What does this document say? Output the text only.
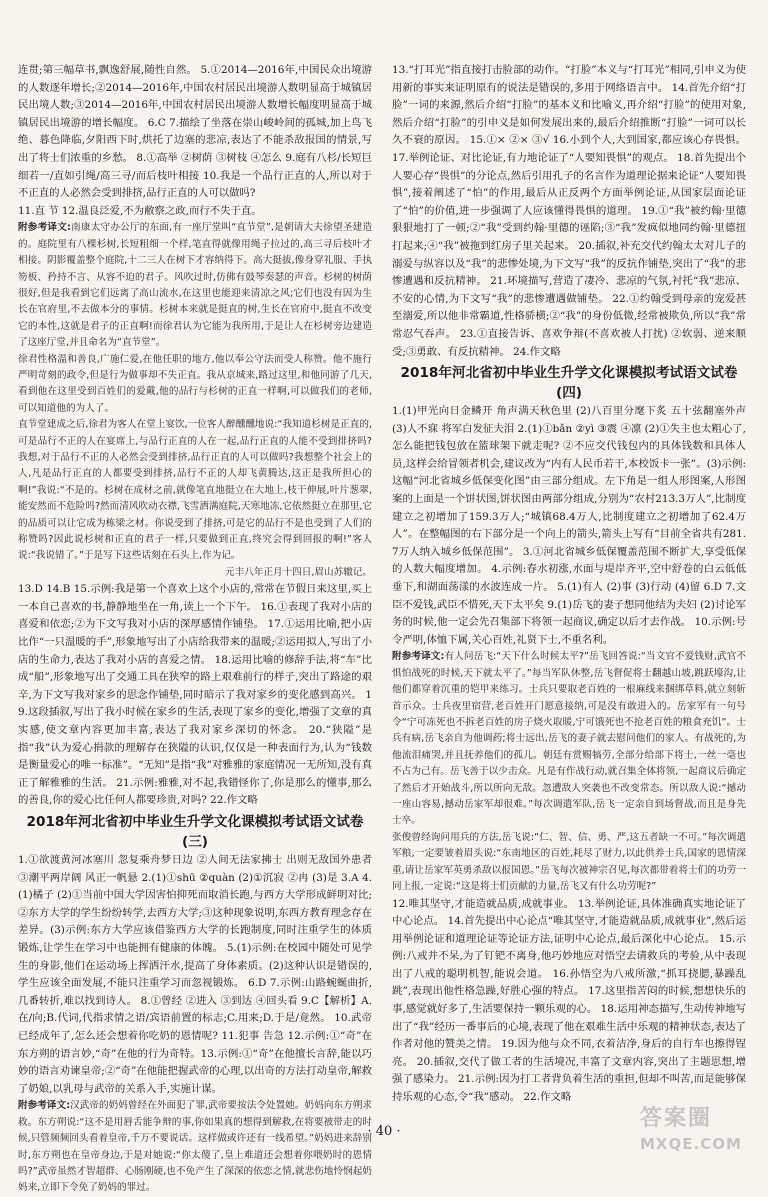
连贯;第三幅草书,飘逸舒展,随性自然。 5.①2014—2016年,中国民众出境游的人数逐年增长;②2014—2016年,中国农村居民出境游人数明显高于城镇居民出境人数;③2014—2016年,中国农村居民出境游人数增长幅度明显高于城镇居民出境游的增长幅度。 6.C 7.描绘了坐落在崇山峻岭间的孤城,加上鸟飞绝、暮色降临,夕阳西下时,烘托了边塞的悲凉,表达了不能杀敌报国的情景,写出了将士们浓重的乡愁。 8.①高举 ②树荫 ③树枝 ④怎么 9.庭有八杉/长短巨细若一/直如引绳/高三寻/而后枝叶相接 10.我是一个品行正直的人,所以对于不正直的人必然会受到排挤,品行正直的人可以做吗?

11.直 节 12.温良泛爱,不为敝察之政,而行不失于直。

附参考译文:南康太守办公厅的东面,有一座厅堂叫“直节堂”,是朝请大夫徐望圣建造的。庭院里有八棵杉树,长短粗细一个样,笔直得就像用绳子拉过的,高三寻后枝叶才相接。阴影覆盖整个庭院,十二三人在树下才容纳得下。高大挺拔,像身穿礼服、手执笏板、矜持不言、从容不迫的君子。风吹过时,仿佛有鼓琴奏瑟的声音。杉树的树荫很好,但是我看到它们远离了高山流水,在这里也能迎来清凉之风;它们也没有因为生长在官府里,不去做本分的事情。杉树本来就是挺直的树,生长在官府中,挺直不改变它的本性,这就是君子的正直啊!而徐君认为它能为我所用,于是让人在杉树旁边建造了这座厅堂,并且命名为“直节堂”。

徐君性格温和善良,广施仁爱,在他任职的地方,他以奉公守法而受人称赞。他不施行严明苛刻的政令,但是行为做事却不失正直。我从京城来,路过这里,和他同游了几天,看到他在这里受到百姓们的爱戴,他的品行与杉树的正直一样啊,可以做我们的老师,可以知道他的为人了。

直节堂建成之后,徐君为客人在堂上宴饮,一位客人醉醺醺地说:“我知道杉树是正直的,可是品行不正的人在宴席上,与品行正直的人在一起,品行正直的人能不受到排挤吗?我想,对于品行不正的人必然会受到排挤,品行正直的人可以做吗?我想整个社会上的人,凡是品行正直的人都要受到排挤,品行不正的人却飞黄腾达,这正是我所担心的啊!”我说:“不是的。杉树在成材之前,就像笔直地挺立在大地上,枝干伸展,叶片葱翠,能安然而不危险吗?然而清风吹动衣襟,飞雪洒满庭院,天寒地冻,它依然挺立在那里,它的品质可以让它成为栋梁之材。你说受到了排挤,可是它的品行不是也受到了人们的称赞吗?因此说杉树和正直的君子一样,只要做到正直,终究会得到回报的啊!”客人说:“我说错了。”于是写下这些话刻在石头上,作为记。

元丰八年正月十四日,眉山苏辙记。

13.D 14.B 15.示例:我是第一个喜欢上这个小店的,常常在节假日来这里,买上一本自己喜欢的书,静静地坐在一角,读上一个下午。 16.①表现了我对小店的喜爱和依恋;②为下文写我对小店的深厚感情作铺垫。 17.①运用比喻,把小店比作“一只温暖的手”,形象地写出了小店给我带来的温暖;②运用拟人,写出了小店的生命力,表达了我对小店的喜爱之情。 18.运用比喻的修辞手法,将“车”比成“船”,形象地写出了交通工具在狭窄的路上艰难前行的样子,突出了路途的艰辛,为下文写我对家乡的思念作铺垫,同时暗示了我对家乡的变化感到高兴。 19.这段插叙,写出了我小时候在家乡的生活,表现了家乡的变化,增强了文章的真实感,使文章内容更加丰富,表达了我对家乡深切的怀念。 20.“狭隘”是指“我”认为爱心捐款的理解存在狭隘的认识,仅仅是一种表面行为,认为“钱数是衡量爱心的唯一标准”。“无知”是指“我”对雅雅的家庭情况一无所知,没有真正了解雅雅的生活。 21.示例:雅雅,对不起,我错怪你了,你是那么的懂事,那么的善良,你的爱心比任何人都要珍贵,对吗? 22.作文略

2018年河北省初中毕业生升学文化课模拟考试语文试卷(三)

1.①欲渡黄河冰塞川 忽复乘舟梦日边 ②人间无法家拂士 出则无敌国外患者 ③潮平两岸阔 风正一帆悬 2.(1)①shū ②quàn (2)①沉寂 ②冉 (3)是 3.A 4.(1)橘子 (2)①当前中国大学因害怕抑死而取消长跑,与西方大学形成鲜明对比;②东方大学的学生纷纷转学,去西方大学;③这种现象说明,东西方教育理念存在差异。(3)示例:东方大学应该借鉴西方大学的长跑制度,同时注重学生的体质锻炼,让学生在学习中也能拥有健康的体魄。 5.(1)示例:在校园中随处可见学生的身影,他们在运动场上挥洒汗水,提高了身体素质。(2)这种认识是错误的,学生应该全面发展,不能只注重学习而忽视锻炼。 6.D 7.示例:山路蜿蜒曲折,几番转折,难以找到诗人。 8.①曾经 ②进入 ③到达 ④回头看 9.C【解析】A.在/向;B.代词,代指求情之语/宾语前置的标志;C.用来;D.于是/竟然。 10.武帝已经成年了,怎么还会想着你吃奶的恩情呢? 11.犯事 告急 12.示例:①“奇”在东方朔的语言妙,“奇”在他的行为奇特。13.示例:①“奇”在他擅长言辞,能以巧妙的语言劝谏皇帝;②“奇”在他能把握武帝的心理,以出奇的方法打动皇帝,解救了奶娘,以乳母与武帝的关系入手,实施计谋。

附参考译文:汉武帝的奶妈曾经在外面犯了罪,武帝要按法令处置她。奶妈向东方朔求救。东方朔说:“这不是用唇舌能争辩的事,你如果真的想得到解救,在将要被带走的时候,只管频频回头看着皇帝,千万不要说话。这样做或许还有一线希望。”奶妈进来辞别时,东方朔也在皇帝身边,于是对她说:“你太傻了,皇上难道还会想着你喂奶时的恩情吗?”武帝虽然才智超群、心肠刚硬,也不免产生了深深的依恋之情,就悲伤地怜悯起奶妈来,立即下令免了奶妈的罪过。

13.“打耳光”指直接打击脸部的动作。“打脸”本义与“打耳光”相同,引申义为使用新的事实来证明原有的说法是错误的,多用于网络语言中。 14.首先介绍“打脸”一词的来源,然后介绍“打脸”的基本义和比喻义,再介绍“打脸”的使用对象,然后介绍“打脸”的引申义是如何发展出来的,最后介绍推断“打脸”一词可以长久不衰的原因。 15.①× ②× ③√ 16.小到个人,大到国家,都应该心存畏惧。 17.举例论证、对比论证,有力地论证了“人要知畏惧”的观点。 18.首先提出个人要心存“畏惧”的分论点,然后引用孔子的名言作为道理论据来论证“人要知畏惧”,接着阐述了“怕”的作用,最后从正反两个方面举例论证,从国家层面论证了“怕”的价值,进一步强调了人应该懂得畏惧的道理。 19.①“我”被约翰·里德狠狠地打了一顿;②“我”受到约翰·里德的诬陷;③“我”发疯似地同约翰·里德扭打起来;④“我”被拖到红房子里关起来。 20.插叙,补充交代约翰太太对儿子的溺爱与纵容以及“我”的悲惨处境,为下文写“我”的反抗作铺垫,突出了“我”的悲惨遭遇和反抗精神。 21.环境描写,营造了凄冷、悲凉的气氛,衬托“我”悲凉、不安的心情,为下文写“我”的悲惨遭遇做铺垫。 22.①约翰受到母亲的宠爱甚至溺爱,所以他非常霸道,性格骄横;②“我”的身份低微,经常被欺负,所以“我”常常忍气吞声。 23.①直接告诉、喜欢争辩(不喜欢被人打扰) ②软弱、逆来顺受;③勇敢、有反抗精神。 24.作文略

2018年河北省初中毕业生升学文化课模拟考试语文试卷(四)

1.(1)甲光向日金鳞开 角声满天秋色里 (2)八百里分麾下炙 五十弦翻塞外声 (3)人不寐 将军白发征夫泪 2.(1)①bǎn ②yì ③震 ④凛 (2)①失主也太粗心了,怎么能把钱包放在篮球架下就走呢? ②不应交代钱包内的具体钱数和具体人员,这样会给冒领者机会,建议改为“内有人民币若干,本校饭卡一张”。(3)示例:这幅“河北省城乡低保变化图”由三部分组成。左下角是一组人形图案,人形图案的上面是一个饼状图,饼状图由两部分组成,分别为“农村213.3万人”,比制度建立之初增加了159.3万人;“城镇68.4万人,比制度建立之初增加了62.4万人”。在整幅图的右下部分是一个向上的箭头,箭头上写有“目前全省共有281.7万人纳入城乡低保范围”。 3.①河北省城乡低保覆盖范围不断扩大,享受低保的人数大幅度增加。 4.示例:春水初涨,水面与堤岸齐平,空中舒卷的白云低低垂下,和湖面荡漾的水波连成一片。 5.(1)有人 (2)事 (3)行动 (4)留 6.D 7.文臣不爱钱,武臣不惜死,天下太平矣 9.(1)岳飞的妻子想同他结为夫妇 (2)讨论军务的时候,他一定会先召集部下将领一起商议,确定以后才去作战。 10.示例:号令严明,体恤下属,关心百姓,礼贤下士,不重名利。

附参考译文:有人问岳飞:“天下什么时候太平?”岳飞回答说:“当文官不爱钱财,武官不惧怕战死的时候,天下就太平了。”每当军队休整,岳飞督促将士翻越山坡,跳跃壕沟,让他们都穿着沉重的铠甲来练习。士兵只要取老百姓的一根麻线来捆绑草料,就立刻斩首示众。士兵夜里宿营,老百姓开门愿意接纳,可是没有敢进入的。岳家军有一句号令“宁可冻死也不拆老百姓的房子烧火取暖,宁可饿死也不抢老百姓的粮食充饥”。士兵有病,岳飞亲自为他调药;将士远出,岳飞的妻子就去慰问他们的家人。有战死的,为他流泪痛哭,并且抚养他们的孤儿。朝廷有赏赐犒劳,全部分给部下将士,一丝一毫也不占为己有。岳飞善于以少击众。凡是有作战行动,就召集全体将领,一起商议后确定了然后才开始战斗,所以所向无敌。忽遭敌人突袭也不改变常态。所以敌人说:“撼动一座山容易,撼动岳家军却很难。”每次调遣军队,岳飞一定亲自到场督战,而且是身先士卒。

张俊曾经询问用兵的方法,岳飞说:“仁、智、信、勇、严,这五者缺一不可。”每次调遣军粮,一定要皱着眉头说:“东南地区的百姓,耗尽了财力,以此供养士兵,国家的恩情深重,请让岳家军英勇杀敌以报国恩。”岳飞每次被神宗召见,每次都带着将士们的功劳一同上报,一定说:“这是将士们贡献的力量,岳飞又有什么功劳呢?”

12.唯其坚守,才能造就品质,成就事业。 13.举例论证,具体准确真实地论证了中心论点。 14.首先提出中心论点“唯其坚守,才能造就品质,成就事业”,然后运用举例论证和道理论证等论证方法,证明中心论点,最后深化中心论点。 15.示例:八戒并不呆,为了钉钯不离身,他巧妙地应对悟空去请救兵的考验,从中表现出了八戒的聪明机智,能说会道。 16.孙悟空为八戒所激,“抓耳挠腮,暴躁乱跳”,表现出他性格急躁,好胜心强的特点。 17.这里指苦闷的时候,想想快乐的事,感觉就好多了,生活要保持一颗乐观的心。 18.运用神态描写,生动传神地写出了“我”经历一番事后的心境,表现了他在艰难生活中乐观的精神状态,表达了作者对他的赞美之情。 19.因为他与众不同,衣着洁净,身后的自行车也擦得锃亮。 20.插叙,交代了做工者的生活境况,丰富了文章内容,突出了主题思想,增强了感染力。 21.示例:因为打工者背负着生活的重担,但却不叫苦,而是能够保持乐观的心态,令“我”感动。 22.作文略

· 40 ·
答案圈
MXQE.COM
